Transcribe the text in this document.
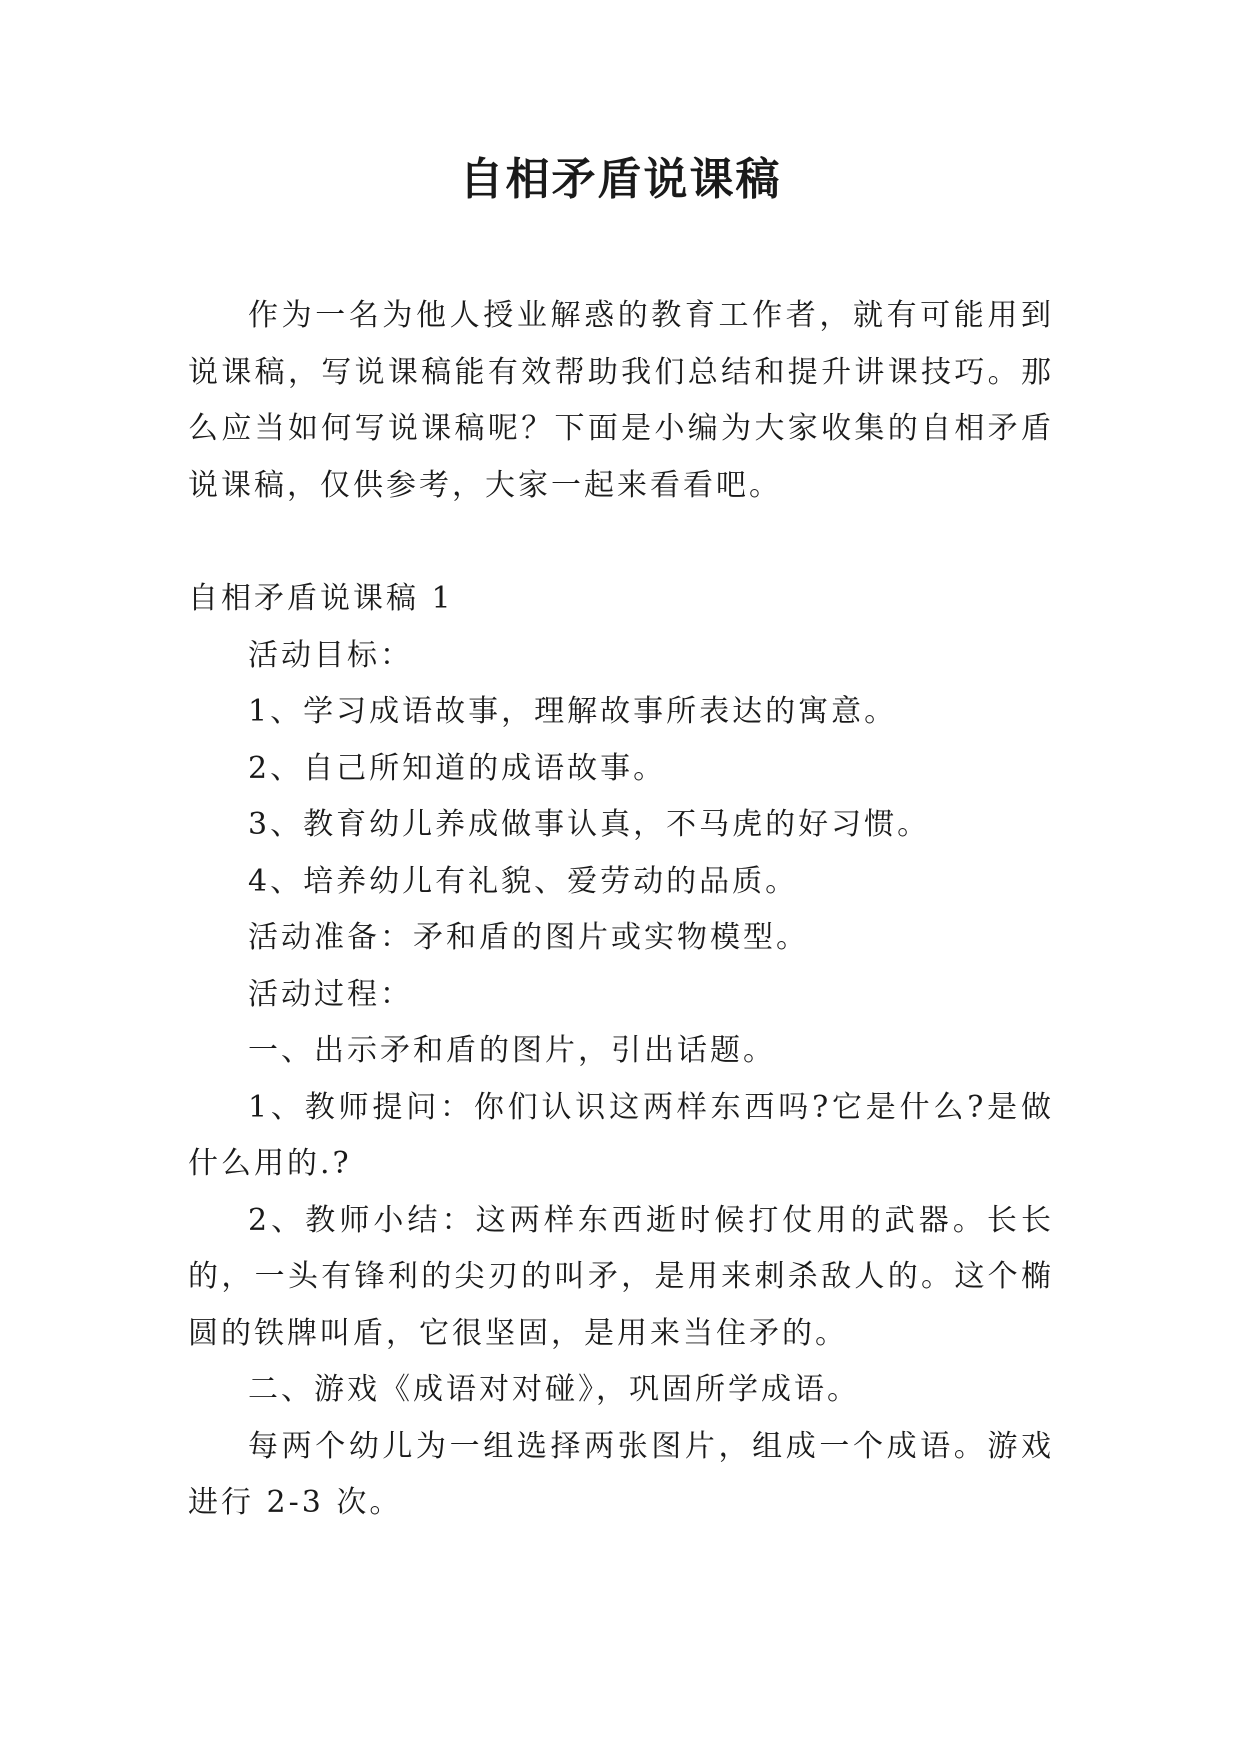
自相矛盾说课稿

作为一名为他人授业解惑的教育工作者，就有可能用到说课稿，写说课稿能有效帮助我们总结和提升讲课技巧。那么应当如何写说课稿呢？下面是小编为大家收集的自相矛盾说课稿，仅供参考，大家一起来看看吧。

自相矛盾说课稿 1

活动目标：

1、学习成语故事，理解故事所表达的寓意。

2、自己所知道的成语故事。

3、教育幼儿养成做事认真，不马虎的好习惯。

4、培养幼儿有礼貌、爱劳动的品质。

活动准备：矛和盾的图片或实物模型。

活动过程：

一、出示矛和盾的图片，引出话题。

1、教师提问：你们认识这两样东西吗?它是什么?是做什么用的.?

2、教师小结：这两样东西逝时候打仗用的武器。长长的，一头有锋利的尖刃的叫矛，是用来刺杀敌人的。这个椭圆的铁牌叫盾，它很坚固，是用来当住矛的。

二、游戏《成语对对碰》，巩固所学成语。

每两个幼儿为一组选择两张图片，组成一个成语。游戏进行 2-3 次。
